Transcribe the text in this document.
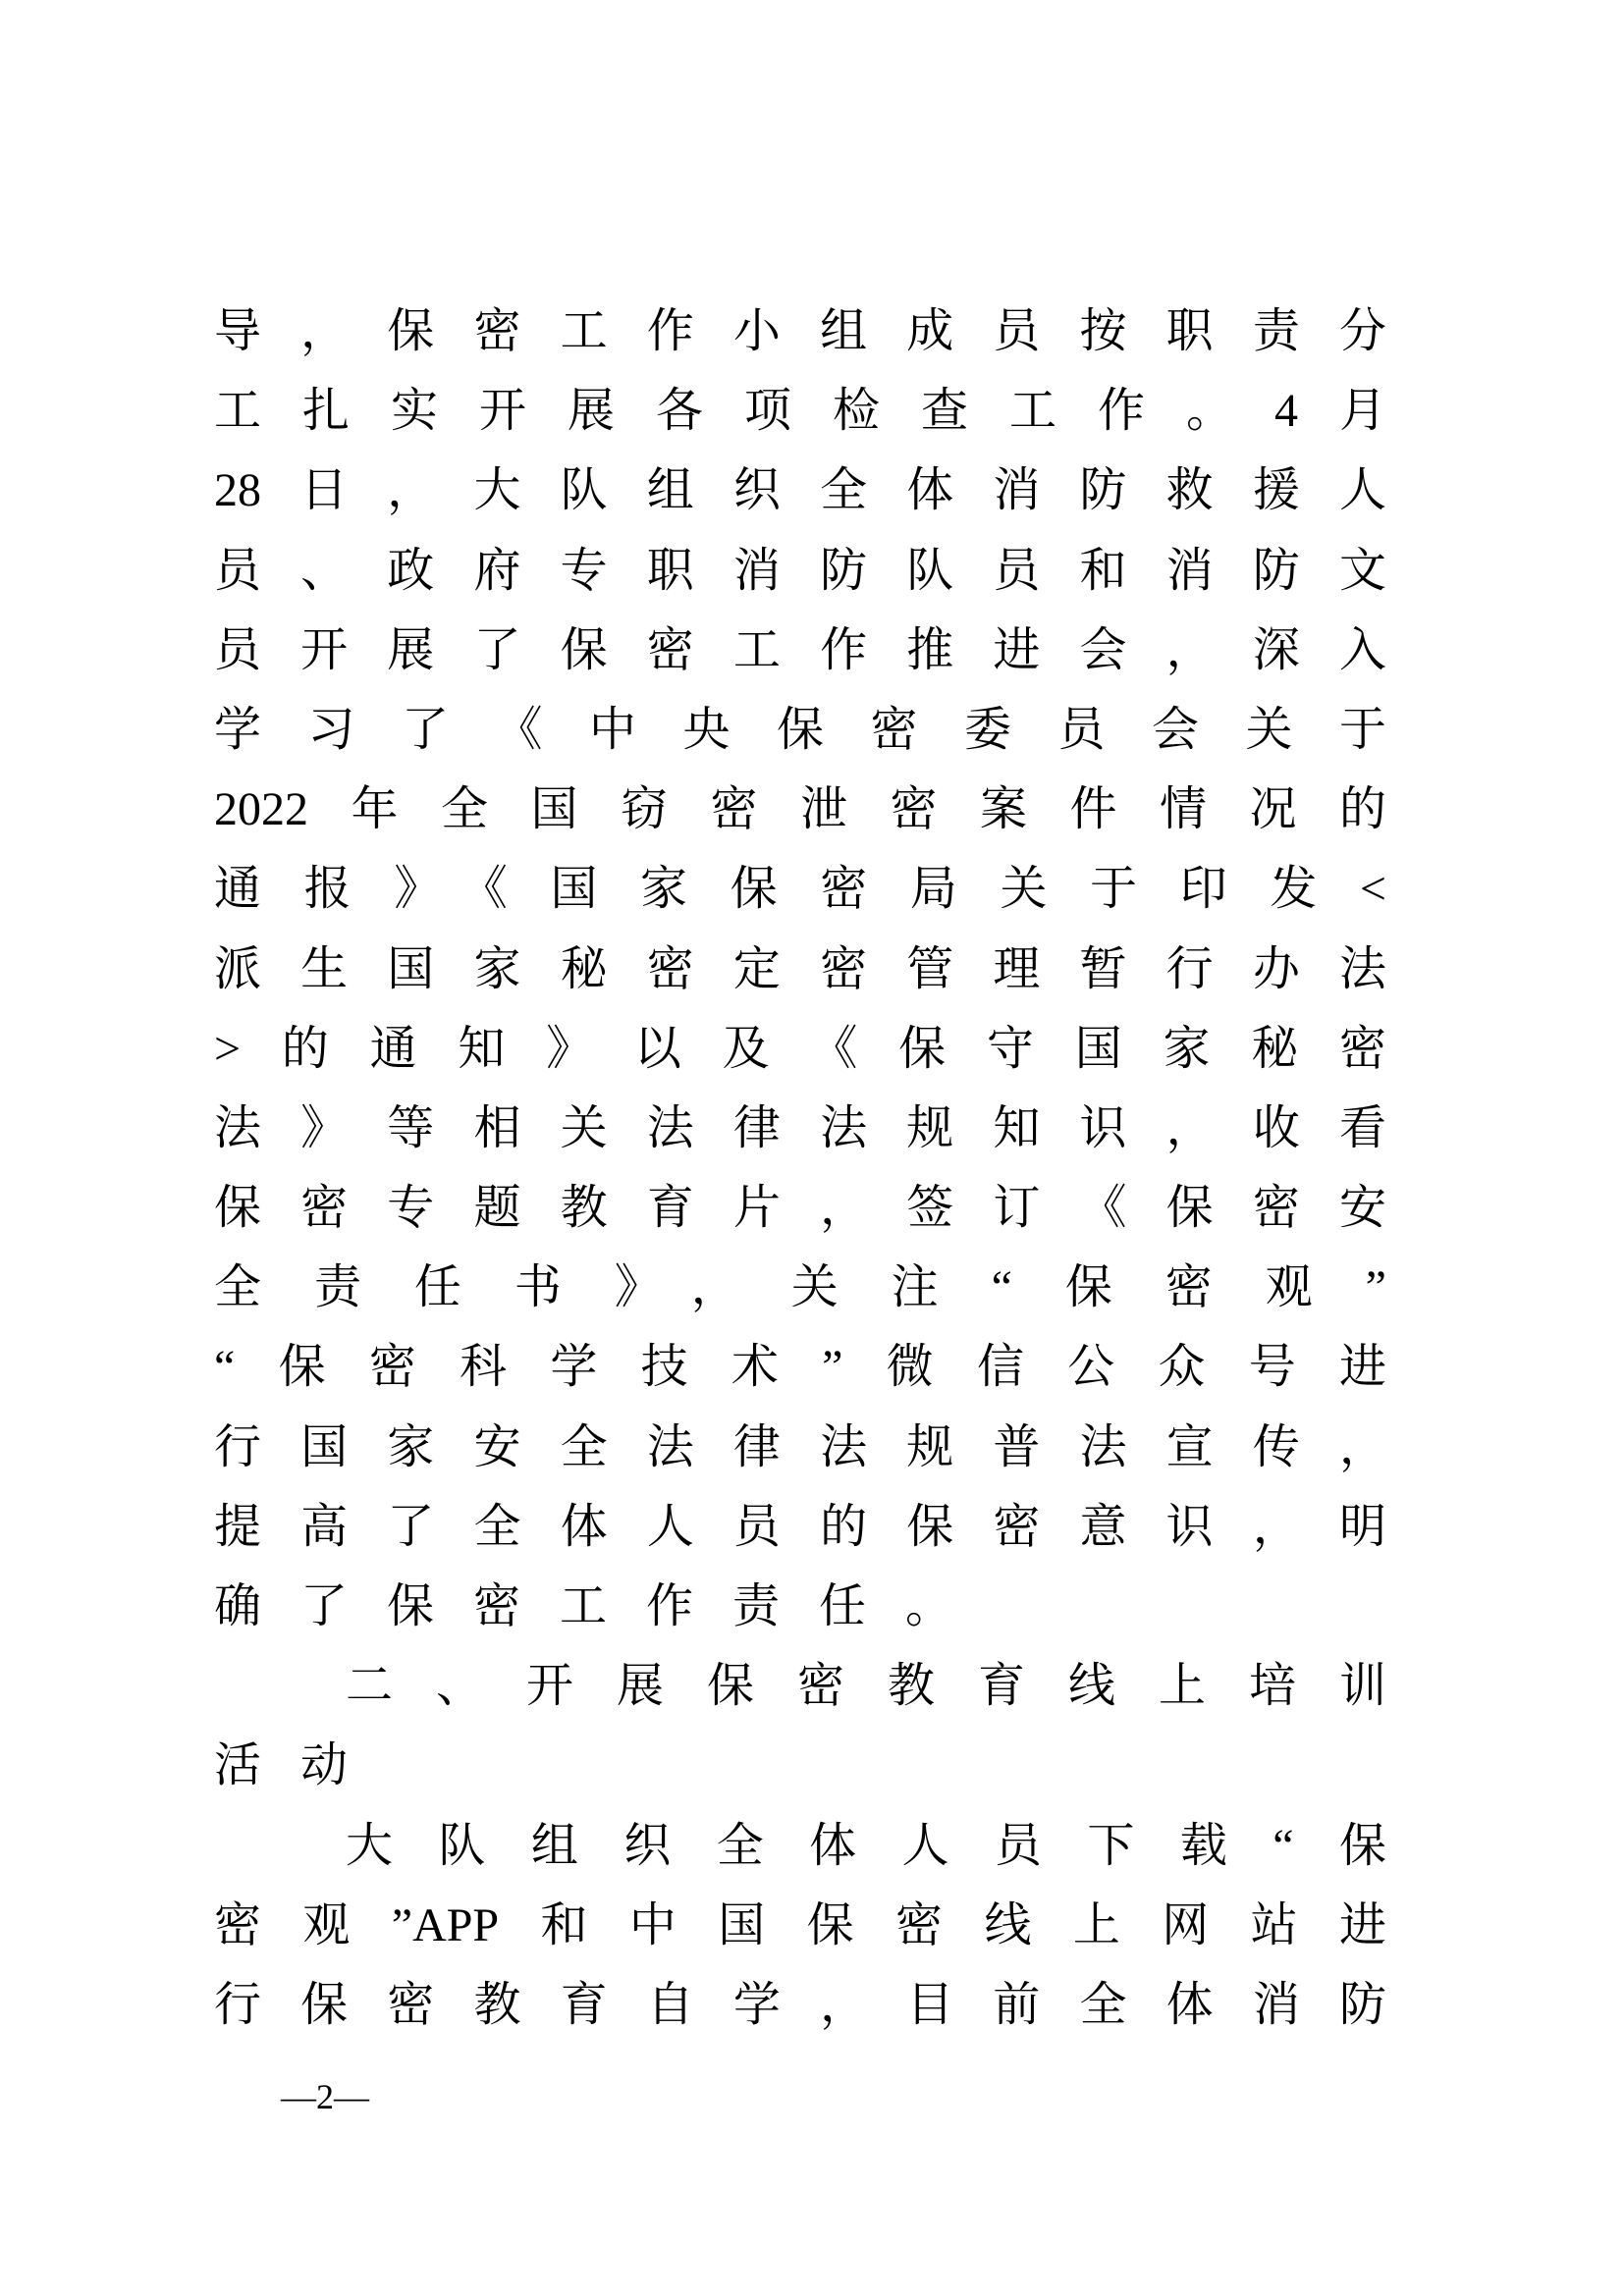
导，保密工作小组成员按职责分
工扎实开展各项检查工作。4月
28日，大队组织全体消防救援人
员、政府专职消防队员和消防文
员开展了保密工作推进会，深入
学习了《中央保密委员会关于
2022年全国窃密泄密案件情况的
通报》《国家保密局关于印发<
派生国家秘密定密管理暂行办法
>的通知》以及《保守国家秘密
法》等相关法律法规知识，收看
保密专题教育片，签订《保密安
全责任书》，关注“保密观”
“保密科学技术”微信公众号进
行国家安全法律法规普法宣传，
提高了全体人员的保密意识，明
确了保密工作责任。
二、开展保密教育线上培训
活动
大队组织全体人员下载“保
密观”APP和中国保密线上网站进
行保密教育自学，目前全体消防
—2—
